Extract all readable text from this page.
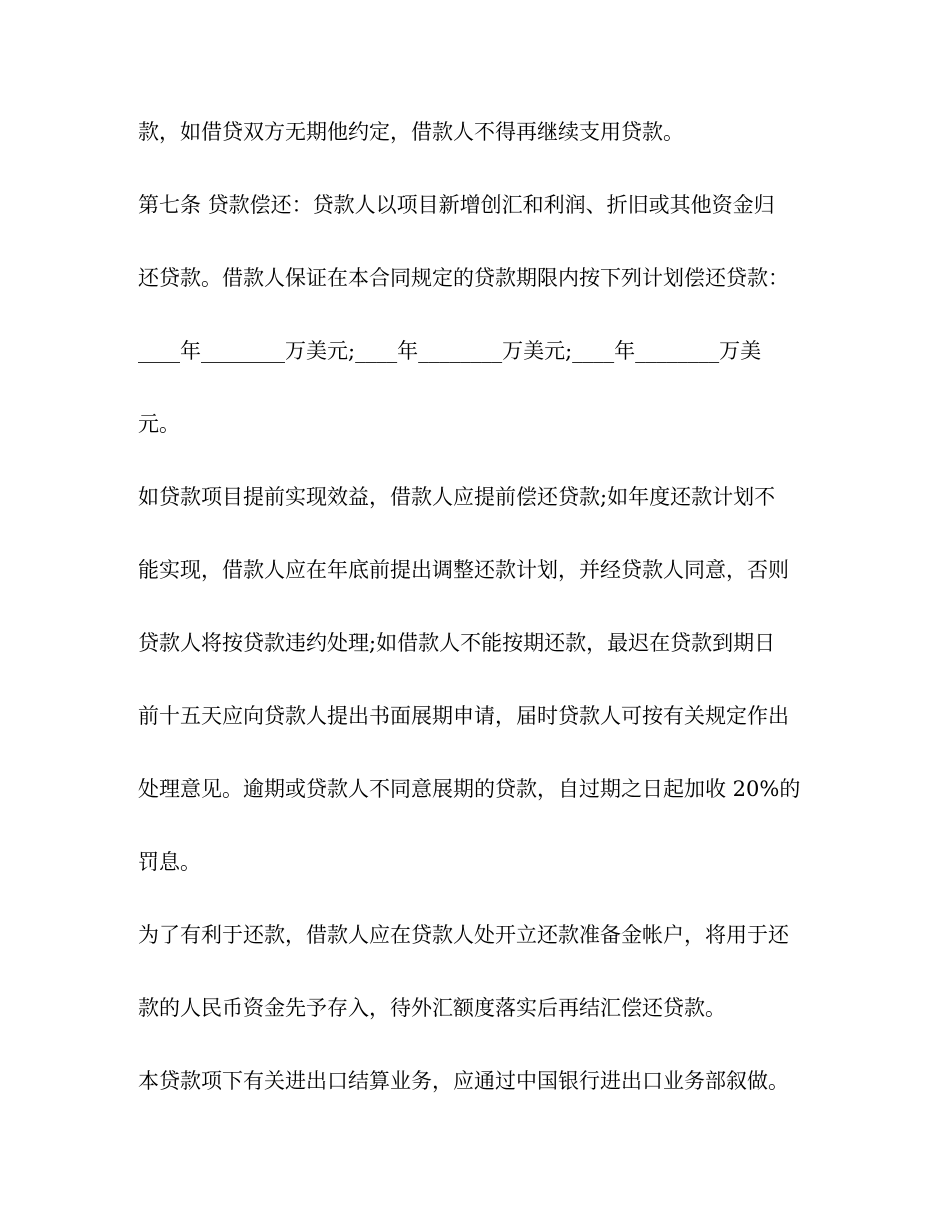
款，如借贷双方无期他约定，借款人不得再继续支用贷款。
第七条 贷款偿还：贷款人以项目新增创汇和利润、折旧或其他资金归
还贷款。借款人保证在本合同规定的贷款期限内按下列计划偿还贷款：
____年________万美元;____年________万美元;____年________万美
元。
如贷款项目提前实现效益，借款人应提前偿还贷款;如年度还款计划不
能实现，借款人应在年底前提出调整还款计划，并经贷款人同意，否则
贷款人将按贷款违约处理;如借款人不能按期还款，最迟在贷款到期日
前十五天应向贷款人提出书面展期申请，届时贷款人可按有关规定作出
处理意见。逾期或贷款人不同意展期的贷款，自过期之日起加收 20%的
罚息。
为了有利于还款，借款人应在贷款人处开立还款准备金帐户，将用于还
款的人民币资金先予存入，待外汇额度落实后再结汇偿还贷款。
本贷款项下有关进出口结算业务，应通过中国银行进出口业务部叙做。
